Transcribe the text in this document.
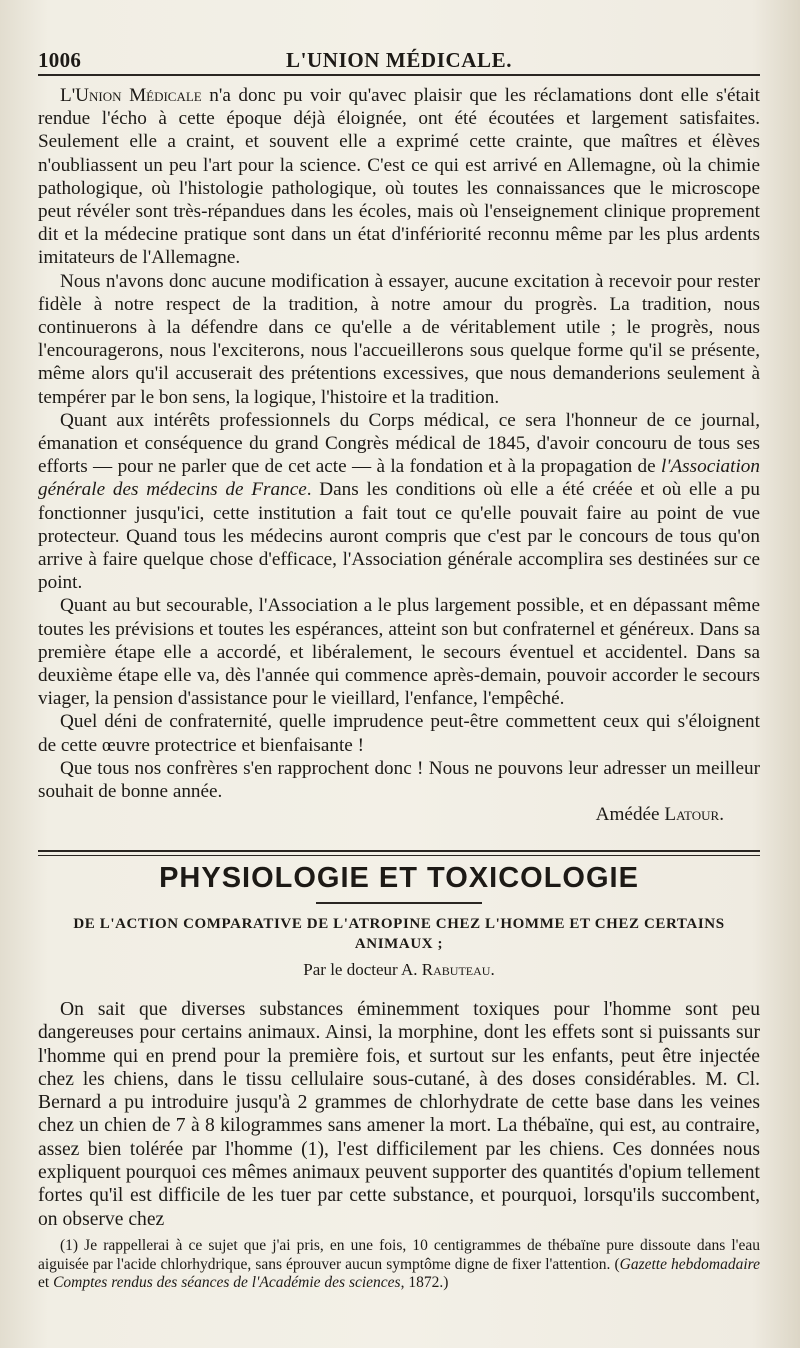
1006	L'UNION MÉDICALE.

L'Union Médicale n'a donc pu voir qu'avec plaisir que les réclamations dont elle s'était rendue l'écho à cette époque déjà éloignée, ont été écoutées et largement satisfaites. Seulement elle a craint, et souvent elle a exprimé cette crainte, que maîtres et élèves n'oubliassent un peu l'art pour la science. C'est ce qui est arrivé en Allemagne, où la chimie pathologique, où l'histologie pathologique, où toutes les connaissances que le microscope peut révéler sont très-répandues dans les écoles, mais où l'enseignement clinique proprement dit et la médecine pratique sont dans un état d'infériorité reconnu même par les plus ardents imitateurs de l'Allemagne.

Nous n'avons donc aucune modification à essayer, aucune excitation à recevoir pour rester fidèle à notre respect de la tradition, à notre amour du progrès. La tradition, nous continuerons à la défendre dans ce qu'elle a de véritablement utile ; le progrès, nous l'encouragerons, nous l'exciterons, nous l'accueillerons sous quelque forme qu'il se présente, même alors qu'il accuserait des prétentions excessives, que nous demanderions seulement à tempérer par le bon sens, la logique, l'histoire et la tradition.

Quant aux intérêts professionnels du Corps médical, ce sera l'honneur de ce journal, émanation et conséquence du grand Congrès médical de 1845, d'avoir concouru de tous ses efforts — pour ne parler que de cet acte — à la fondation et à la propagation de l'Association générale des médecins de France. Dans les conditions où elle a été créée et où elle a pu fonctionner jusqu'ici, cette institution a fait tout ce qu'elle pouvait faire au point de vue protecteur. Quand tous les médecins auront compris que c'est par le concours de tous qu'on arrive à faire quelque chose d'efficace, l'Association générale accomplira ses destinées sur ce point.

Quant au but secourable, l'Association a le plus largement possible, et en dépassant même toutes les prévisions et toutes les espérances, atteint son but confraternel et généreux. Dans sa première étape elle a accordé, et libéralement, le secours éventuel et accidentel. Dans sa deuxième étape elle va, dès l'année qui commence après-demain, pouvoir accorder le secours viager, la pension d'assistance pour le vieillard, l'enfance, l'empêché.

Quel déni de confraternité, quelle imprudence peut-être commettent ceux qui s'éloignent de cette œuvre protectrice et bienfaisante !

Que tous nos confrères s'en rapprochent donc ! Nous ne pouvons leur adresser un meilleur souhait de bonne année.

Amédée Latour.

PHYSIOLOGIE ET TOXICOLOGIE
DE L'ACTION COMPARATIVE DE L'ATROPINE CHEZ L'HOMME ET CHEZ CERTAINS ANIMAUX ;
Par le docteur A. Rabuteau.

On sait que diverses substances éminemment toxiques pour l'homme sont peu dangereuses pour certains animaux. Ainsi, la morphine, dont les effets sont si puissants sur l'homme qui en prend pour la première fois, et surtout sur les enfants, peut être injectée chez les chiens, dans le tissu cellulaire sous-cutané, à des doses considérables. M. Cl. Bernard a pu introduire jusqu'à 2 grammes de chlorhydrate de cette base dans les veines chez un chien de 7 à 8 kilogrammes sans amener la mort. La thébaïne, qui est, au contraire, assez bien tolérée par l'homme (1), l'est difficilement par les chiens. Ces données nous expliquent pourquoi ces mêmes animaux peuvent supporter des quantités d'opium tellement fortes qu'il est difficile de les tuer par cette substance, et pourquoi, lorsqu'ils succombent, on observe chez

(1) Je rappellerai à ce sujet que j'ai pris, en une fois, 10 centigrammes de thébaïne pure dissoute dans l'eau aiguisée par l'acide chlorhydrique, sans éprouver aucun symptôme digne de fixer l'attention. (Gazette hebdomadaire et Comptes rendus des séances de l'Académie des sciences, 1872.)
